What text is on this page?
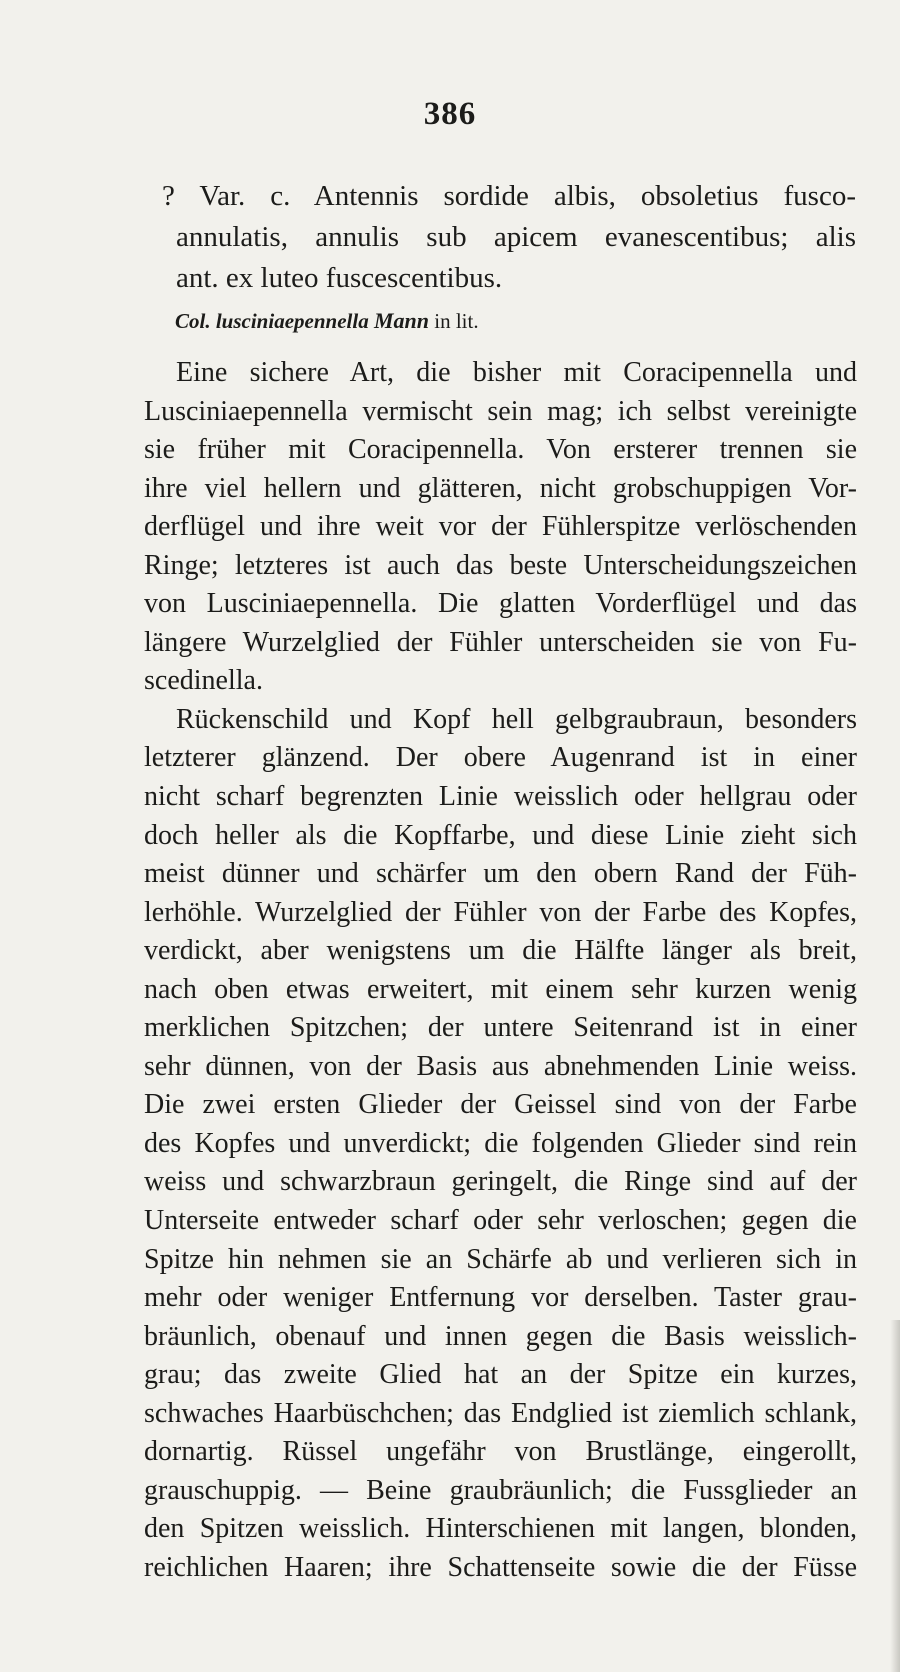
386
? Var. c. Antennis sordide albis, obsoletius fusco-
annulatis, annulis sub apicem evanescentibus; alis
ant. ex luteo fuscescentibus.
Col. lusciniaepennella Mann in lit.
Eine sichere Art, die bisher mit Coracipennella und
Lusciniaepennella vermischt sein mag; ich selbst vereinigte
sie früher mit Coracipennella. Von ersterer trennen sie
ihre viel hellern und glätteren, nicht grobschuppigen Vor-
derflügel und ihre weit vor der Fühlerspitze verlöschenden
Ringe; letzteres ist auch das beste Unterscheidungszeichen
von Lusciniaepennella. Die glatten Vorderflügel und das
längere Wurzelglied der Fühler unterscheiden sie von Fu-
scedinella.
Rückenschild und Kopf hell gelbgraubraun, besonders
letzterer glänzend. Der obere Augenrand ist in einer
nicht scharf begrenzten Linie weisslich oder hellgrau oder
doch heller als die Kopffarbe, und diese Linie zieht sich
meist dünner und schärfer um den obern Rand der Füh-
lerhöhle. Wurzelglied der Fühler von der Farbe des Kopfes,
verdickt, aber wenigstens um die Hälfte länger als breit,
nach oben etwas erweitert, mit einem sehr kurzen wenig
merklichen Spitzchen; der untere Seitenrand ist in einer
sehr dünnen, von der Basis aus abnehmenden Linie weiss.
Die zwei ersten Glieder der Geissel sind von der Farbe
des Kopfes und unverdickt; die folgenden Glieder sind rein
weiss und schwarzbraun geringelt, die Ringe sind auf der
Unterseite entweder scharf oder sehr verloschen; gegen die
Spitze hin nehmen sie an Schärfe ab und verlieren sich in
mehr oder weniger Entfernung vor derselben. Taster grau-
bräunlich, obenauf und innen gegen die Basis weisslich-
grau; das zweite Glied hat an der Spitze ein kurzes,
schwaches Haarbüschchen; das Endglied ist ziemlich schlank,
dornartig. Rüssel ungefähr von Brustlänge, eingerollt,
grauschuppig. — Beine graubräunlich; die Fussglieder an
den Spitzen weisslich. Hinterschienen mit langen, blonden,
reichlichen Haaren; ihre Schattenseite sowie die der Füsse
